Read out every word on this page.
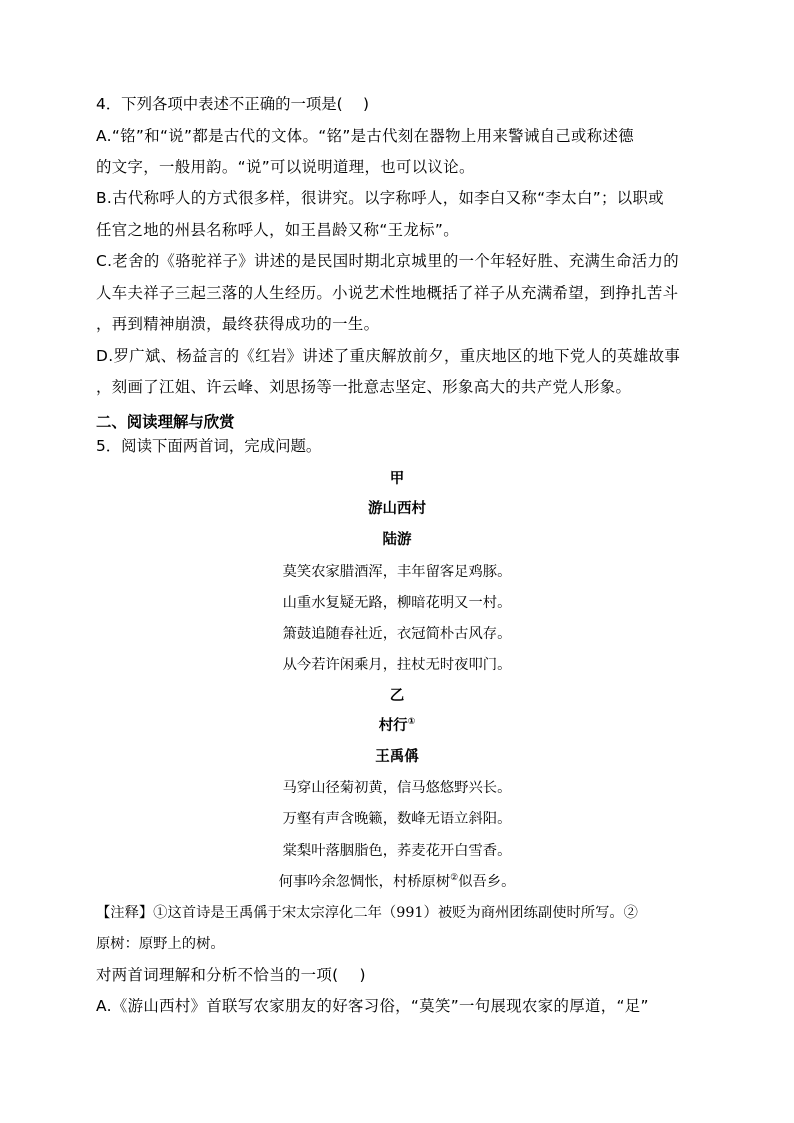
4．下列各项中表述不正确的一项是(　 )
A.“铭”和“说”都是古代的文体。“铭”是古代刻在器物上用来警诫自己或称述德
的文字，一般用韵。“说”可以说明道理，也可以议论。
B.古代称呼人的方式很多样，很讲究。以字称呼人，如李白又称“李太白”；以职或
任官之地的州县名称呼人，如王昌龄又称“王龙标”。
C.老舍的《骆驼祥子》讲述的是民国时期北京城里的一个年轻好胜、充满生命活力的
人车夫祥子三起三落的人生经历。小说艺术性地概括了祥子从充满希望，到挣扎苦斗
，再到精神崩溃，最终获得成功的一生。
D.罗广斌、杨益言的《红岩》讲述了重庆解放前夕，重庆地区的地下党人的英雄故事
，刻画了江姐、许云峰、刘思扬等一批意志坚定、形象高大的共产党人形象。
二、阅读理解与欣赏
5．阅读下面两首词，完成问题。
甲
游山西村
陆游
莫笑农家腊酒浑，丰年留客足鸡豚。
山重水复疑无路，柳暗花明又一村。
箫鼓追随春社近，衣冠简朴古风存。
从今若许闲乘月，拄杖无时夜叩门。
乙
村行①
王禹偁
马穿山径菊初黄，信马悠悠野兴长。
万壑有声含晚籁，数峰无语立斜阳。
棠梨叶落胭脂色，荞麦花开白雪香。
何事吟余忽惆怅，村桥原树②似吾乡。
【注释】①这首诗是王禹偁于宋太宗淳化二年（991）被贬为商州团练副使时所写。②
原树：原野上的树。
对两首词理解和分析不恰当的一项(　 )
A.《游山西村》首联写农家朋友的好客习俗，“莫笑”一句展现农家的厚道，“足”
